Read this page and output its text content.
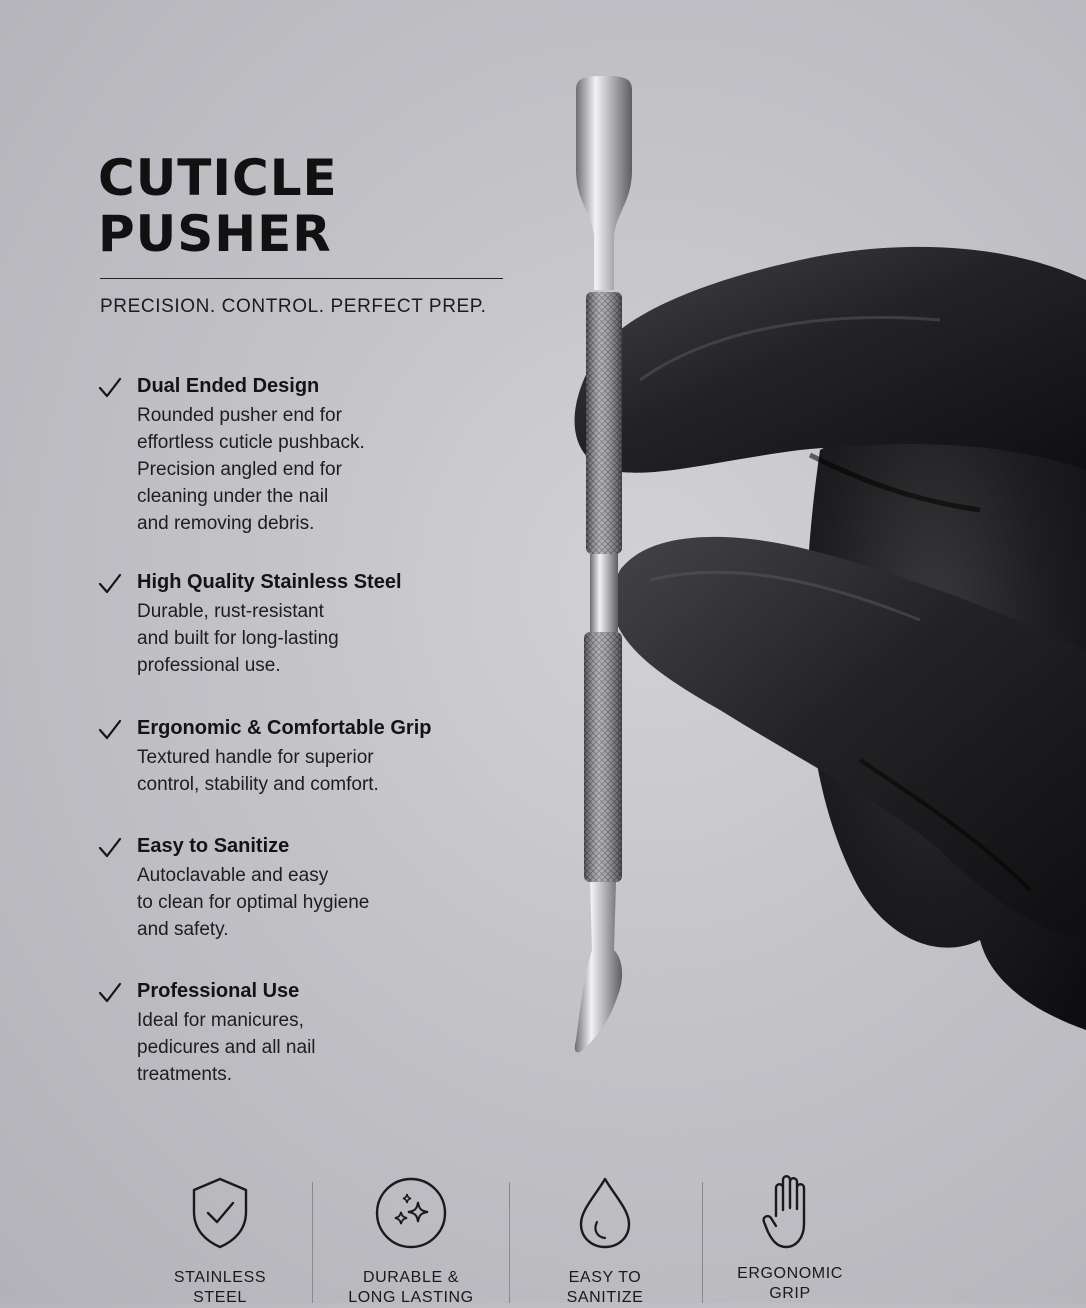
CUTICLE
PUSHER

PRECISION. CONTROL. PERFECT PREP.

Dual Ended Design

Rounded pusher end for
effortless cuticle pushback.
Precision angled end for
cleaning under the nail
and removing debris.

High Quality Stainless Steel

Durable, rust-resistant
and built for long-lasting
professional use.

Ergonomic & Comfortable Grip

Textured handle for superior
control, stability and comfort.

Easy to Sanitize

Autoclavable and easy
to clean for optimal hygiene
and safety.

Professional Use

Ideal for manicures,
pedicures and all nail
treatments.

STAINLESS
STEEL
DURABLE &
LONG LASTING
EASY TO
SANITIZE
ERGONOMIC
GRIP
